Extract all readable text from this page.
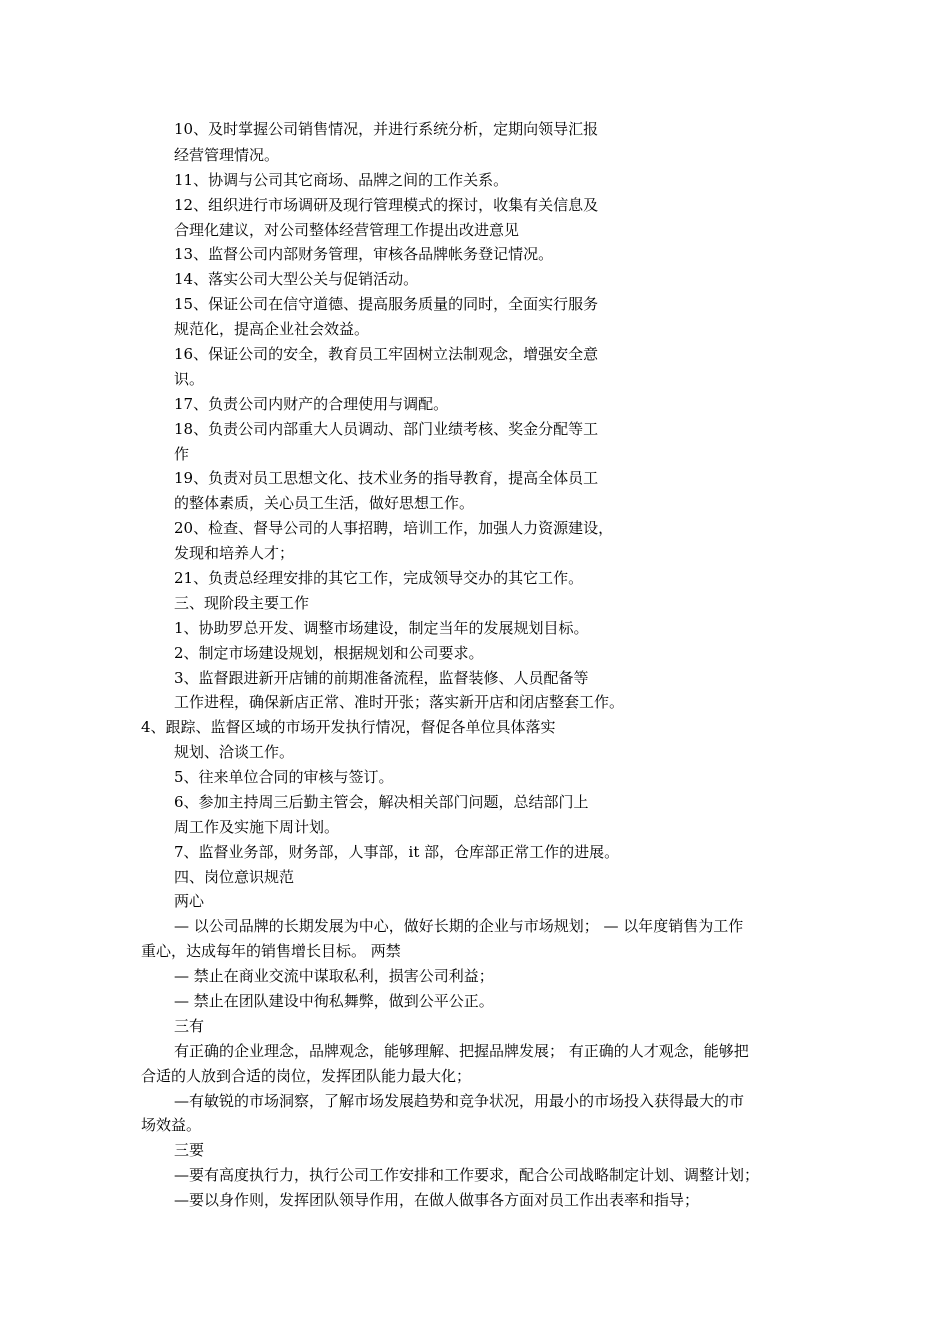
10、及时掌握公司销售情况，并进行系统分析，定期向领导汇报
经营管理情况。
11、协调与公司其它商场、品牌之间的工作关系。
12、组织进行市场调研及现行管理模式的探讨，收集有关信息及
合理化建议，对公司整体经营管理工作提出改进意见
13、监督公司内部财务管理，审核各品牌帐务登记情况。
14、落实公司大型公关与促销活动。
15、保证公司在信守道德、提高服务质量的同时，全面实行服务
规范化，提高企业社会效益。
16、保证公司的安全，教育员工牢固树立法制观念，增强安全意
识。
17、负责公司内财产的合理使用与调配。
18、负责公司内部重大人员调动、部门业绩考核、奖金分配等工
作
19、负责对员工思想文化、技术业务的指导教育，提高全体员工
的整体素质，关心员工生活，做好思想工作。
20、检查、督导公司的人事招聘，培训工作，加强人力资源建设，
发现和培养人才；
21、负责总经理安排的其它工作，完成领导交办的其它工作。
三、现阶段主要工作
1、协助罗总开发、调整市场建设，制定当年的发展规划目标。
2、制定市场建设规划，根据规划和公司要求。
3、监督跟进新开店铺的前期准备流程，监督装修、人员配备等
工作进程，确保新店正常、准时开张；落实新开店和闭店整套工作。
4、跟踪、监督区域的市场开发执行情况，督促各单位具体落实
规划、洽谈工作。
5、往来单位合同的审核与签订。
6、参加主持周三后勤主管会，解决相关部门问题，总结部门上
周工作及实施下周计划。
7、监督业务部，财务部，人事部，it 部，仓库部正常工作的进展。
四、岗位意识规范
两心
— 以公司品牌的长期发展为中心，做好长期的企业与市场规划； — 以年度销售为工作
重心，达成每年的销售增长目标。 两禁
— 禁止在商业交流中谋取私利，损害公司利益；
— 禁止在团队建设中徇私舞弊，做到公平公正。
三有
有正确的企业理念，品牌观念，能够理解、把握品牌发展； 有正确的人才观念，能够把
合适的人放到合适的岗位，发挥团队能力最大化；
—有敏锐的市场洞察，了解市场发展趋势和竞争状况，用最小的市场投入获得最大的市
场效益。
三要
—要有高度执行力，执行公司工作安排和工作要求，配合公司战略制定计划、调整计划；
—要以身作则，发挥团队领导作用，在做人做事各方面对员工作出表率和指导；
